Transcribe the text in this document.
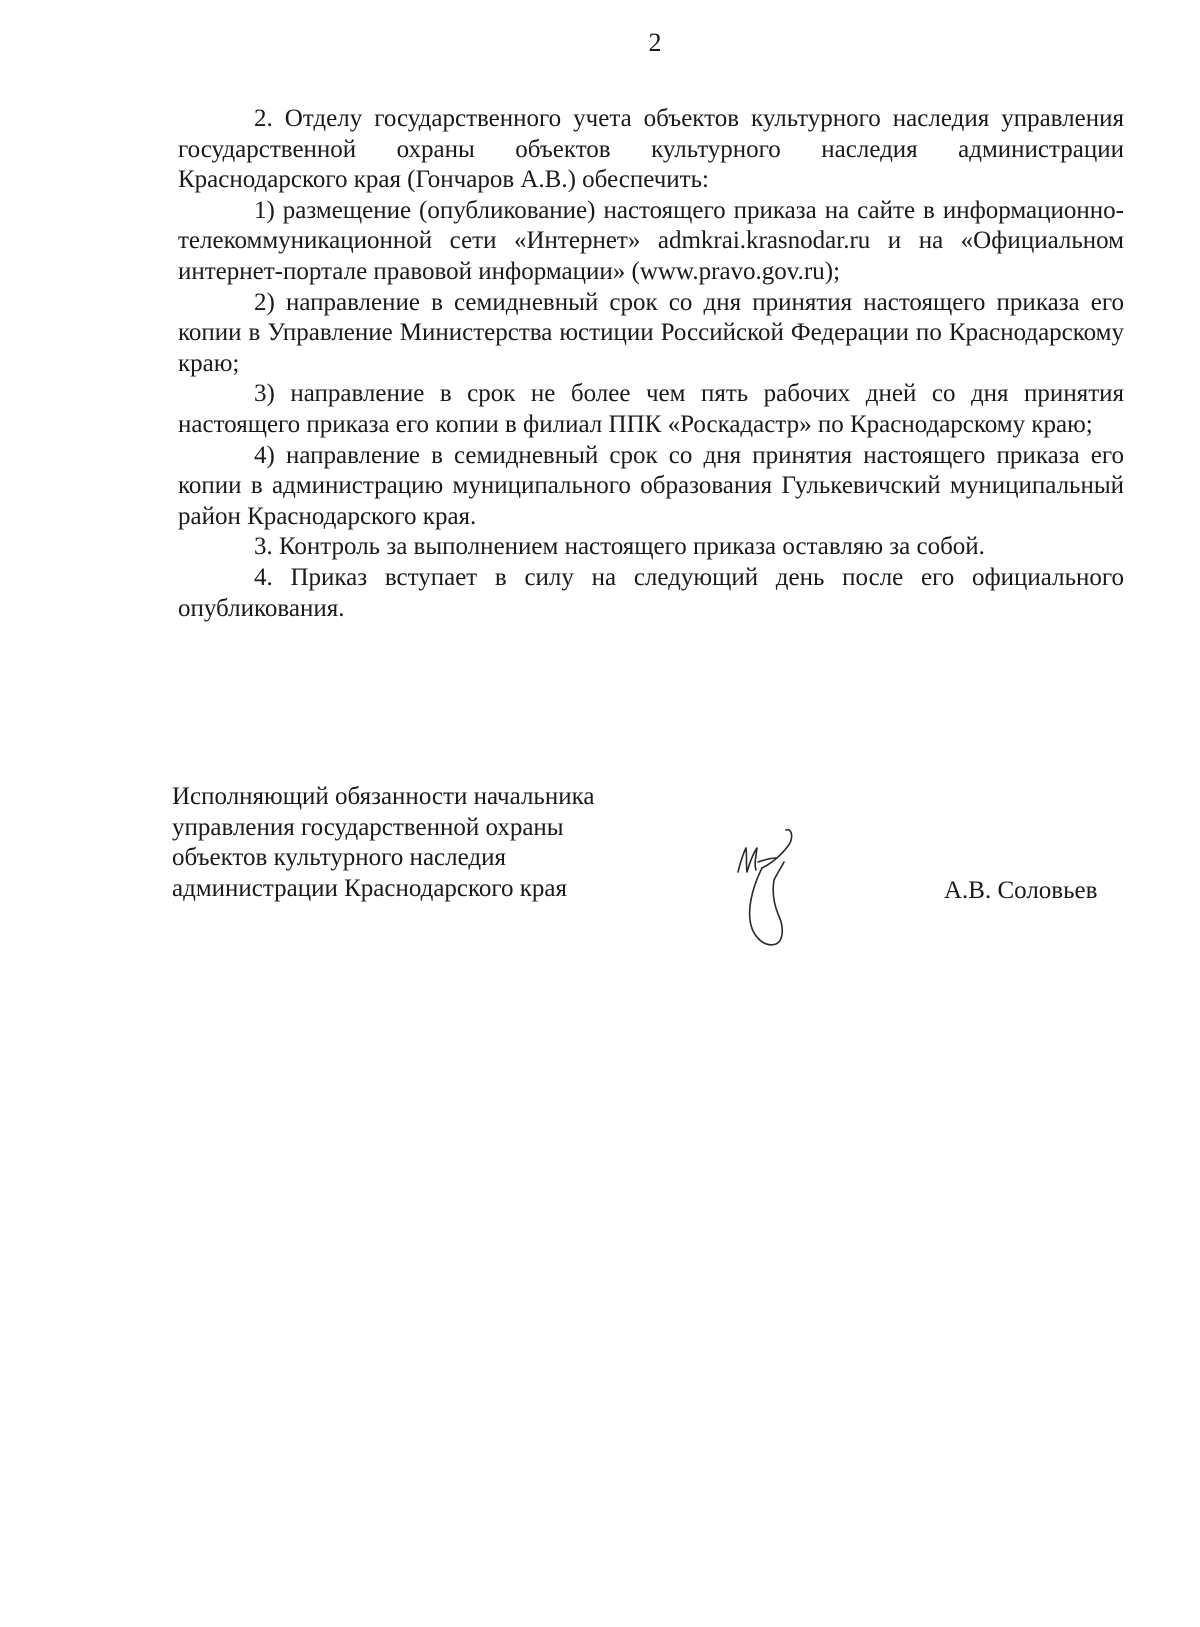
2

2. Отделу государственного учета объектов культурного наследия управления государственной охраны объектов культурного наследия администрации Краснодарского края (Гончаров А.В.) обеспечить:

1) размещение (опубликование) настоящего приказа на сайте в информационно-телекоммуникационной сети «Интернет» admkrai.krasnodar.ru и на «Официальном интернет-портале правовой информации» (www.pravo.gov.ru);

2) направление в семидневный срок со дня принятия настоящего приказа его копии в Управление Министерства юстиции Российской Федерации по Краснодарскому краю;

3) направление в срок не более чем пять рабочих дней со дня принятия настоящего приказа его копии в филиал ППК «Роскадастр» по Краснодарскому краю;

4) направление в семидневный срок со дня принятия настоящего приказа его копии в администрацию муниципального образования Гулькевичский муниципальный район Краснодарского края.

3. Контроль за выполнением настоящего приказа оставляю за собой.

4. Приказ вступает в силу на следующий день после его официального опубликования.

Исполняющий обязанности начальника

управления государственной охраны

объектов культурного наследия

администрации Краснодарского края	А.В. Соловьев
